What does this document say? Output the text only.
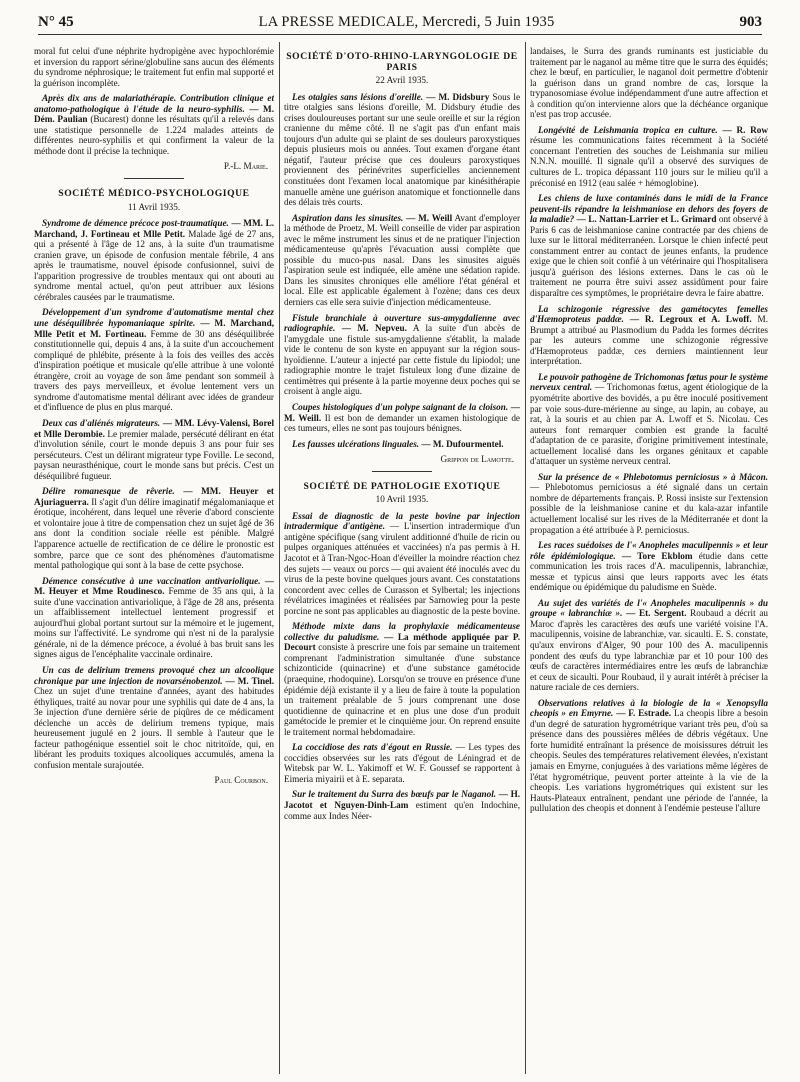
N° 45	LA PRESSE MEDICALE, Mercredi, 5 Juin 1935	903

moral fut celui d'une néphrite hydropigène avec hypochlorémie et inversion du rapport sérine/globuline sans aucun des éléments du syndrome néphrosique; le traitement fut enfin mal supporté et la guérison incomplète.

Après dix ans de malariathérapie. Contribution clinique et anatomo-pathologique à l'étude de la neuro-syphilis. — M. Dém. Paulian (Bucarest) donne les résultats qu'il a relevés dans une statistique personnelle de 1.224 malades atteints de différentes neuro-syphilis et qui confirment la valeur de la méthode dont il précise la technique.

P.-L. Marie.

SOCIÉTÉ MÉDICO-PSYCHOLOGIQUE
11 Avril 1935.

Syndrome de démence précoce post-traumatique. — MM. L. Marchand, J. Fortineau et Mlle Petit. Malade âgé de 27 ans, qui a présenté à l'âge de 12 ans, à la suite d'un traumatisme cranien grave, un épisode de confusion mentale fébrile, 4 ans après le traumatisme, nouvel épisode confusionnel, suivi de l'apparition progressive de troubles mentaux qui ont abouti au syndrome mental actuel, qu'on peut attribuer aux lésions cérébrales causées par le traumatisme.

Développement d'un syndrome d'automatisme mental chez une déséquilibrée hypomaniaque spirite. — M. Marchand, Mlle Petit et M. Fortineau. Femme de 30 ans déséquilibrée constitutionnelle qui, depuis 4 ans, à la suite d'un accouchement compliqué de phlébite, présente à la fois des veilles des accès d'inspiration poétique et musicale qu'elle attribue à une volonté étrangère, croit au voyage de son âme pendant son sommeil à travers des pays merveilleux, et évolue lentement vers un syndrome d'automatisme mental délirant avec idées de grandeur et d'influence de plus en plus marqué.

Deux cas d'aliénés migrateurs. — MM. Lévy-Valensi, Borel et Mlle Derombie. Le premier malade, persécuté délirant en état d'involution sénile, court le monde depuis 3 ans pour fuir ses persécuteurs. C'est un délirant migrateur type Foville. Le second, paysan neurasthénique, court le monde sans but précis. C'est un déséquilibré fugueur.

Délire romanesque de rêverie. — MM. Heuyer et Ajuriaguerra. Il s'agit d'un délire imaginatif mégalomaniaque et érotique, incohérent, dans lequel une rêverie d'abord consciente et volontaire joue à titre de compensation chez un sujet âgé de 36 ans dont la condition sociale réelle est pénible. Malgré l'apparence actuelle de rectification de ce délire le pronostic est sombre, parce que ce sont des phénomènes d'automatisme mental pathologique qui sont à la base de cette psychose.

Démence consécutive à une vaccination antivariolique. — M. Heuyer et Mme Roudinesco. Femme de 35 ans qui, à la suite d'une vaccination antivariolique, à l'âge de 28 ans, présenta un affaiblissement intellectuel lentement progressif et aujourd'hui global portant surtout sur la mémoire et le jugement, moins sur l'affectivité. Le syndrome qui n'est ni de la paralysie générale, ni de la démence précoce, a évolué à bas bruit sans les signes aigus de l'encéphalite vaccinale ordinaire.

Un cas de delirium tremens provoqué chez un alcoolique chronique par une injection de novarsénobenzol. — M. Tinel. Chez un sujet d'une trentaine d'années, ayant des habitudes éthyliques, traité au novar pour une syphilis qui date de 4 ans, la 3e injection d'une dernière série de piqûres de ce médicament déclenche un accès de delirium tremens typique, mais heureusement jugulé en 2 jours. Il semble à l'auteur que le facteur pathogénique essentiel soit le choc nitritoïde, qui, en libérant les produits toxiques alcooliques accumulés, amena la confusion mentale surajoutée.

Paul Courbon.

SOCIÉTÉ D'OTO-RHINO-LARYNGOLOGIE DE PARIS
22 Avril 1935.

Les otalgies sans lésions d'oreille. — M. Didsbury Sous le titre otalgies sans lésions d'oreille, M. Didsbury étudie des crises douloureuses portant sur une seule oreille et sur la région cranienne du même côté. Il ne s'agit pas d'un enfant mais toujours d'un adulte qui se plaint de ses douleurs paroxystiques depuis plusieurs mois ou années. Tout examen d'organe étant négatif, l'auteur précise que ces douleurs paroxystiques proviennent des périnévrites superficielles anciennement constituées dont l'examen local anatomique par kinésithérapie manuelle amène une guérison anatomique et fonctionnelle dans des délais très courts.

Aspiration dans les sinusites. — M. Weill Avant d'employer la méthode de Proetz, M. Weill conseille de vider par aspiration avec le même instrument les sinus et de ne pratiquer l'injection médicamenteuse qu'après l'évacuation aussi complète que possible du muco-pus nasal. Dans les sinusites aiguës l'aspiration seule est indiquée, elle amène une sédation rapide. Dans les sinusites chroniques elle améliore l'état général et local. Elle est applicable également à l'ozène; dans ces deux derniers cas elle sera suivie d'injection médicamenteuse.

Fistule branchiale à ouverture sus-amygdalienne avec radiographie. — M. Nepveu. A la suite d'un abcès de l'amygdale une fistule sus-amygdalienne s'établit, la malade vide le contenu de son kyste en appuyant sur la région sous-hyoïdienne. L'auteur a injecté par cette fistule du lipiodol; une radiographie montre le trajet fistuleux long d'une dizaine de centimètres qui présente à la partie moyenne deux poches qui se croisent à angle aigu.

Coupes histologiques d'un polype saignant de la cloison. — M. Weill. Il est bon de demander un examen histologique de ces tumeurs, elles ne sont pas toujours bénignes.

Les fausses ulcérations linguales. — M. Dufourmentel.

Grippon de Lamotte.

SOCIÉTÉ DE PATHOLOGIE EXOTIQUE
10 Avril 1935.

Essai de diagnostic de la peste bovine par injection intradermique d'antigène. — L'insertion intradermique d'un antigène spécifique (sang virulent additionné d'huile de ricin ou pulpes organiques atténuées et vaccinées) n'a pas permis à H. Jacotot et à Tran-Ngoc-Hoan d'éveiller la moindre réaction chez des sujets — veaux ou porcs — qui avaient été inoculés avec du virus de la peste bovine quelques jours avant. Ces constatations concordent avec celles de Curasson et Sylbertal; les injections révélatrices imaginées et réalisées par Sarnowieg pour la peste porcine ne sont pas applicables au diagnostic de la peste bovine.

Méthode mixte dans la prophylaxie médicamenteuse collective du paludisme. — La méthode appliquée par P. Decourt consiste à prescrire une fois par semaine un traitement comprenant l'administration simultanée d'une substance schizonticide (quinacrine) et d'une substance gamétocide (praequine, rhodoquine). Lorsqu'on se trouve en présence d'une épidémie déjà existante il y a lieu de faire à toute la population un traitement préalable de 5 jours comprenant une dose quotidienne de quinacrine et en plus une dose d'un produit gamétocide le premier et le cinquième jour. On reprend ensuite le traitement normal hebdomadaire.

La coccidiose des rats d'égout en Russie. — Les types des coccidies observées sur les rats d'égout de Léningrad et de Witebsk par W. L. Yakimoff et W. F. Goussef se rapportent à Eimeria miyairii et à E. separata.

Sur le traitement du Surra des bœufs par le Naganol. — H. Jacotot et Nguyen-Dinh-Lam estiment qu'en Indochine, comme aux Indes Néer-

landaises, le Surra des grands ruminants est justiciable du traitement par le naganol au même titre que le surra des équidés; chez le bœuf, en particulier, le naganol doit permettre d'obtenir la guérison dans un grand nombre de cas, lorsque la trypanosomiase évolue indépendamment d'une autre affection et à condition qu'on intervienne alors que la déchéance organique n'est pas trop accusée.

Longévité de Leishmania tropica en culture. — R. Row résume les communications faites récemment à la Société concernant l'entretien des souches de Leishmania sur milieu N.N.N. mouillé. Il signale qu'il a observé des surviques de cultures de L. tropica dépassant 110 jours sur le milieu qu'il a préconisé en 1912 (eau salée + hémoglobine).

Les chiens de luxe contaminés dans le midi de la France peuvent-ils répandre la leishmaniose en dehors des foyers de la maladie? — L. Nattan-Larrier et L. Grimard ont observé à Paris 6 cas de leishmaniose canine contractée par des chiens de luxe sur le littoral méditerranéen. Lorsque le chien infecté peut constamment entrer au contact de jeunes enfants, la prudence exige que le chien soit confié à un vétérinaire qui l'hospitalisera jusqu'à guérison des lésions externes. Dans le cas où le traitement ne pourra être suivi assez assidûment pour faire disparaître ces symptômes, le propriétaire devra le faire abattre.

La schizogonie régressive des gamétocytes femelles d'Hæmoproteus paddæ. — R. Legroux et A. Lwoff. M. Brumpt a attribué au Plasmodium du Padda les formes décrites par les auteurs comme une schizogonie régressive d'Hæmoproteus paddæ, ces derniers maintiennent leur interprétation.

Le pouvoir pathogène de Trichomonas fœtus pour le système nerveux central. — Trichomonas fœtus, agent étiologique de la pyométrite abortive des bovidés, a pu être inoculé positivement par voie sous-dure-mérienne au singe, au lapin, au cobaye, au rat, à la souris et au chien par A. Lwoff et S. Nicolau. Ces auteurs font remarquer combien est grande la faculté d'adaptation de ce parasite, d'origine primitivement intestinale, actuellement localisé dans les organes génitaux et capable d'attaquer un système nerveux central.

Sur la présence de « Phlebotomus perniciosus » à Mâcon. — Phlebotomus perniciosus a été signalé dans un certain nombre de départements français. P. Rossi insiste sur l'extension possible de la leishmaniose canine et du kala-azar infantile actuellement localisé sur les rives de la Méditerranée et dont la propagation a été attribuée à P. perniciosus.

Les races suédoises de l'« Anopheles maculipennis » et leur rôle épidémiologique. — Tore Ekblom étudie dans cette communication les trois races d'A. maculipennis, labranchiæ, messæ et typicus ainsi que leurs rapports avec les états endémique ou épidémique du paludisme en Suède.

Au sujet des variétés de l'« Anopheles maculipennis » du groupe « labranchiæ ». — Et. Sergent. Roubaud a décrit au Maroc d'après les caractères des œufs une variété voisine l'A. maculipennis, voisine de labranchiæ, var. sicaulti. E. S. constate, qu'aux environs d'Alger, 90 pour 100 des A. maculipennis pondent des œufs du type labranchiæ par et 10 pour 100 des œufs de caractères intermédiaires entre les œufs de labranchiæ et ceux de sicaulti. Pour Roubaud, il y aurait intérêt à préciser la nature raciale de ces derniers.

Observations relatives à la biologie de la « Xenopsylla cheopis » en Emyrne. — F. Estrade. La cheopis libre a besoin d'un degré de saturation hygrométrique variant très peu, d'où sa présence dans des poussières mêlées de débris végétaux. Une forte humidité entraînant la présence de moisissures détruit les cheopis. Seules des températures relativement élevées, n'existant jamais en Emyrne, conjuguées à des variations même légères de l'état hygrométrique, peuvent porter atteinte à la vie de la cheopis. Les variations hygrométriques qui existent sur les Hauts-Plateaux entraînent, pendant une période de l'année, la pullulation des cheopis et donnent à l'endémie pesteuse l'allure
